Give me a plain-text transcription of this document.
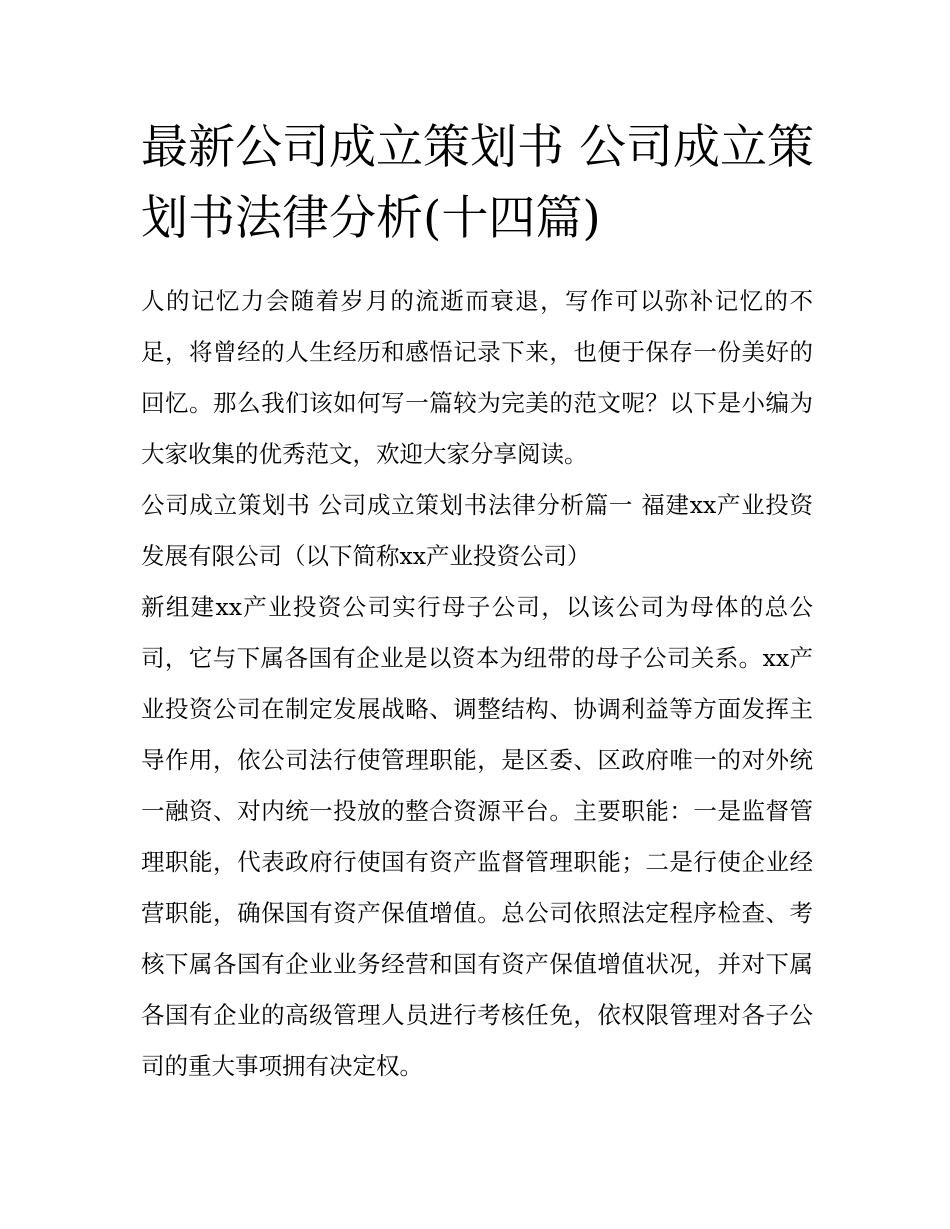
最新公司成立策划书 公司成立策划书法律分析(十四篇)

人的记忆力会随着岁月的流逝而衰退，写作可以弥补记忆的不足，将曾经的人生经历和感悟记录下来，也便于保存一份美好的回忆。那么我们该如何写一篇较为完美的范文呢？以下是小编为大家收集的优秀范文，欢迎大家分享阅读。

公司成立策划书 公司成立策划书法律分析篇一 福建xx产业投资发展有限公司（以下简称xx产业投资公司）

新组建xx产业投资公司实行母子公司，以该公司为母体的总公司，它与下属各国有企业是以资本为纽带的母子公司关系。xx产业投资公司在制定发展战略、调整结构、协调利益等方面发挥主导作用，依公司法行使管理职能，是区委、区政府唯一的对外统一融资、对内统一投放的整合资源平台。主要职能：一是监督管理职能，代表政府行使国有资产监督管理职能；二是行使企业经营职能，确保国有资产保值增值。总公司依照法定程序检查、考核下属各国有企业业务经营和国有资产保值增值状况，并对下属各国有企业的高级管理人员进行考核任免，依权限管理对各子公司的重大事项拥有决定权。
